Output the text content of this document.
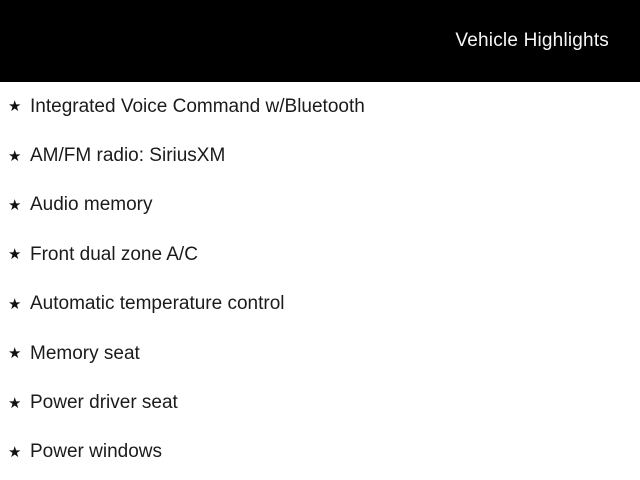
Vehicle Highlights
★ Integrated Voice Command w/Bluetooth
★ AM/FM radio: SiriusXM
★ Audio memory
★ Front dual zone A/C
★ Automatic temperature control
★ Memory seat
★ Power driver seat
★ Power windows
